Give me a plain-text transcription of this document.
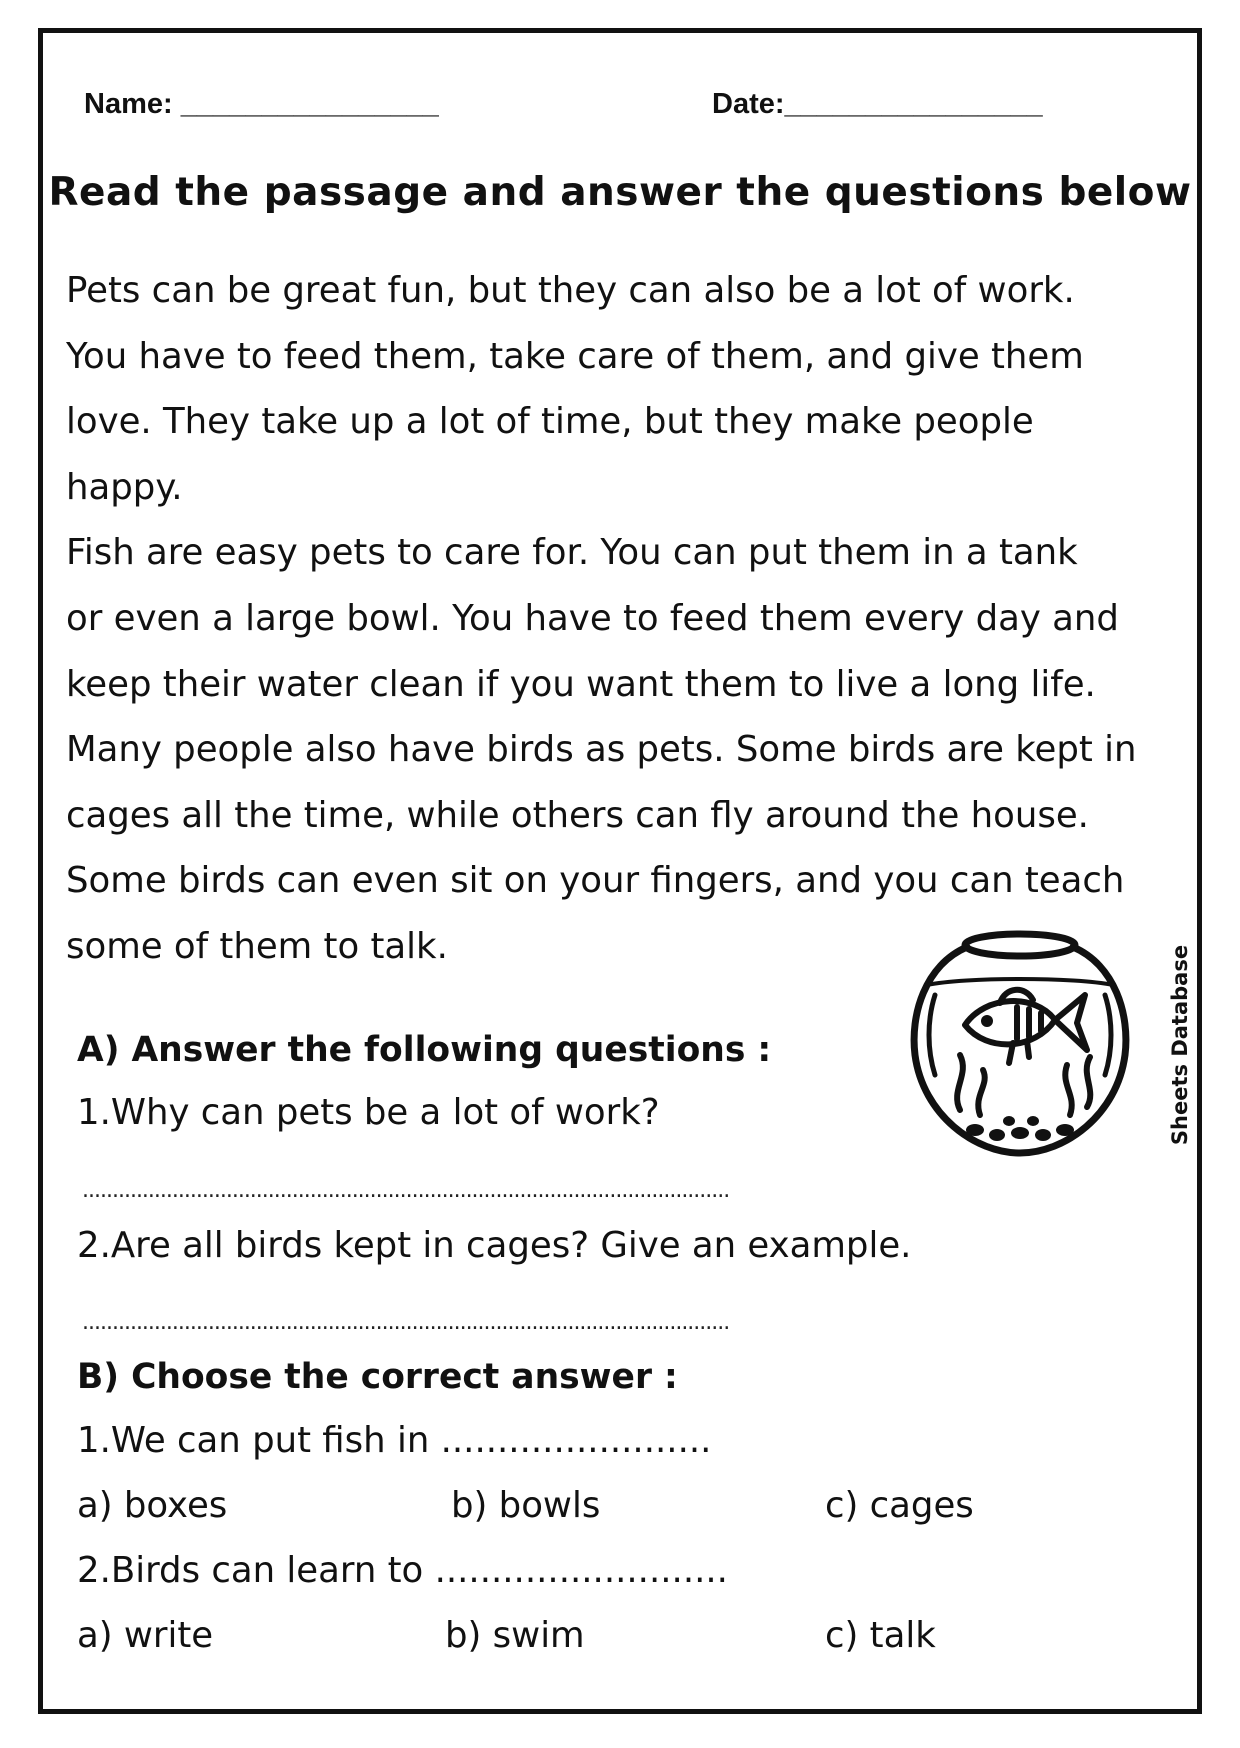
Name: ________________	Date:________________
Read the passage and answer the questions below
Pets can be great fun, but they can also be a lot of work.
You have to feed them, take care of them, and give them
love. They take up a lot of time, but they make people
happy.
Fish are easy pets to care for. You can put them in a tank
or even a large bowl. You have to feed them every day and
keep their water clean if you want them to live a long life.
Many people also have birds as pets. Some birds are kept in
cages all the time, while others can fly around the house.
Some birds can even sit on your fingers, and you can teach
some of them to talk.	Sheets Database
A) Answer the following questions :
1.Why can pets be a lot of work?
............................................................................................................
2.Are all birds kept in cages? Give an example.
............................................................................................................
B) Choose the correct answer :
1.We can put fish in ........................
a) boxes	b) bowls	c) cages
2.Birds can learn to ..........................
a) write	b) swim	c) talk
